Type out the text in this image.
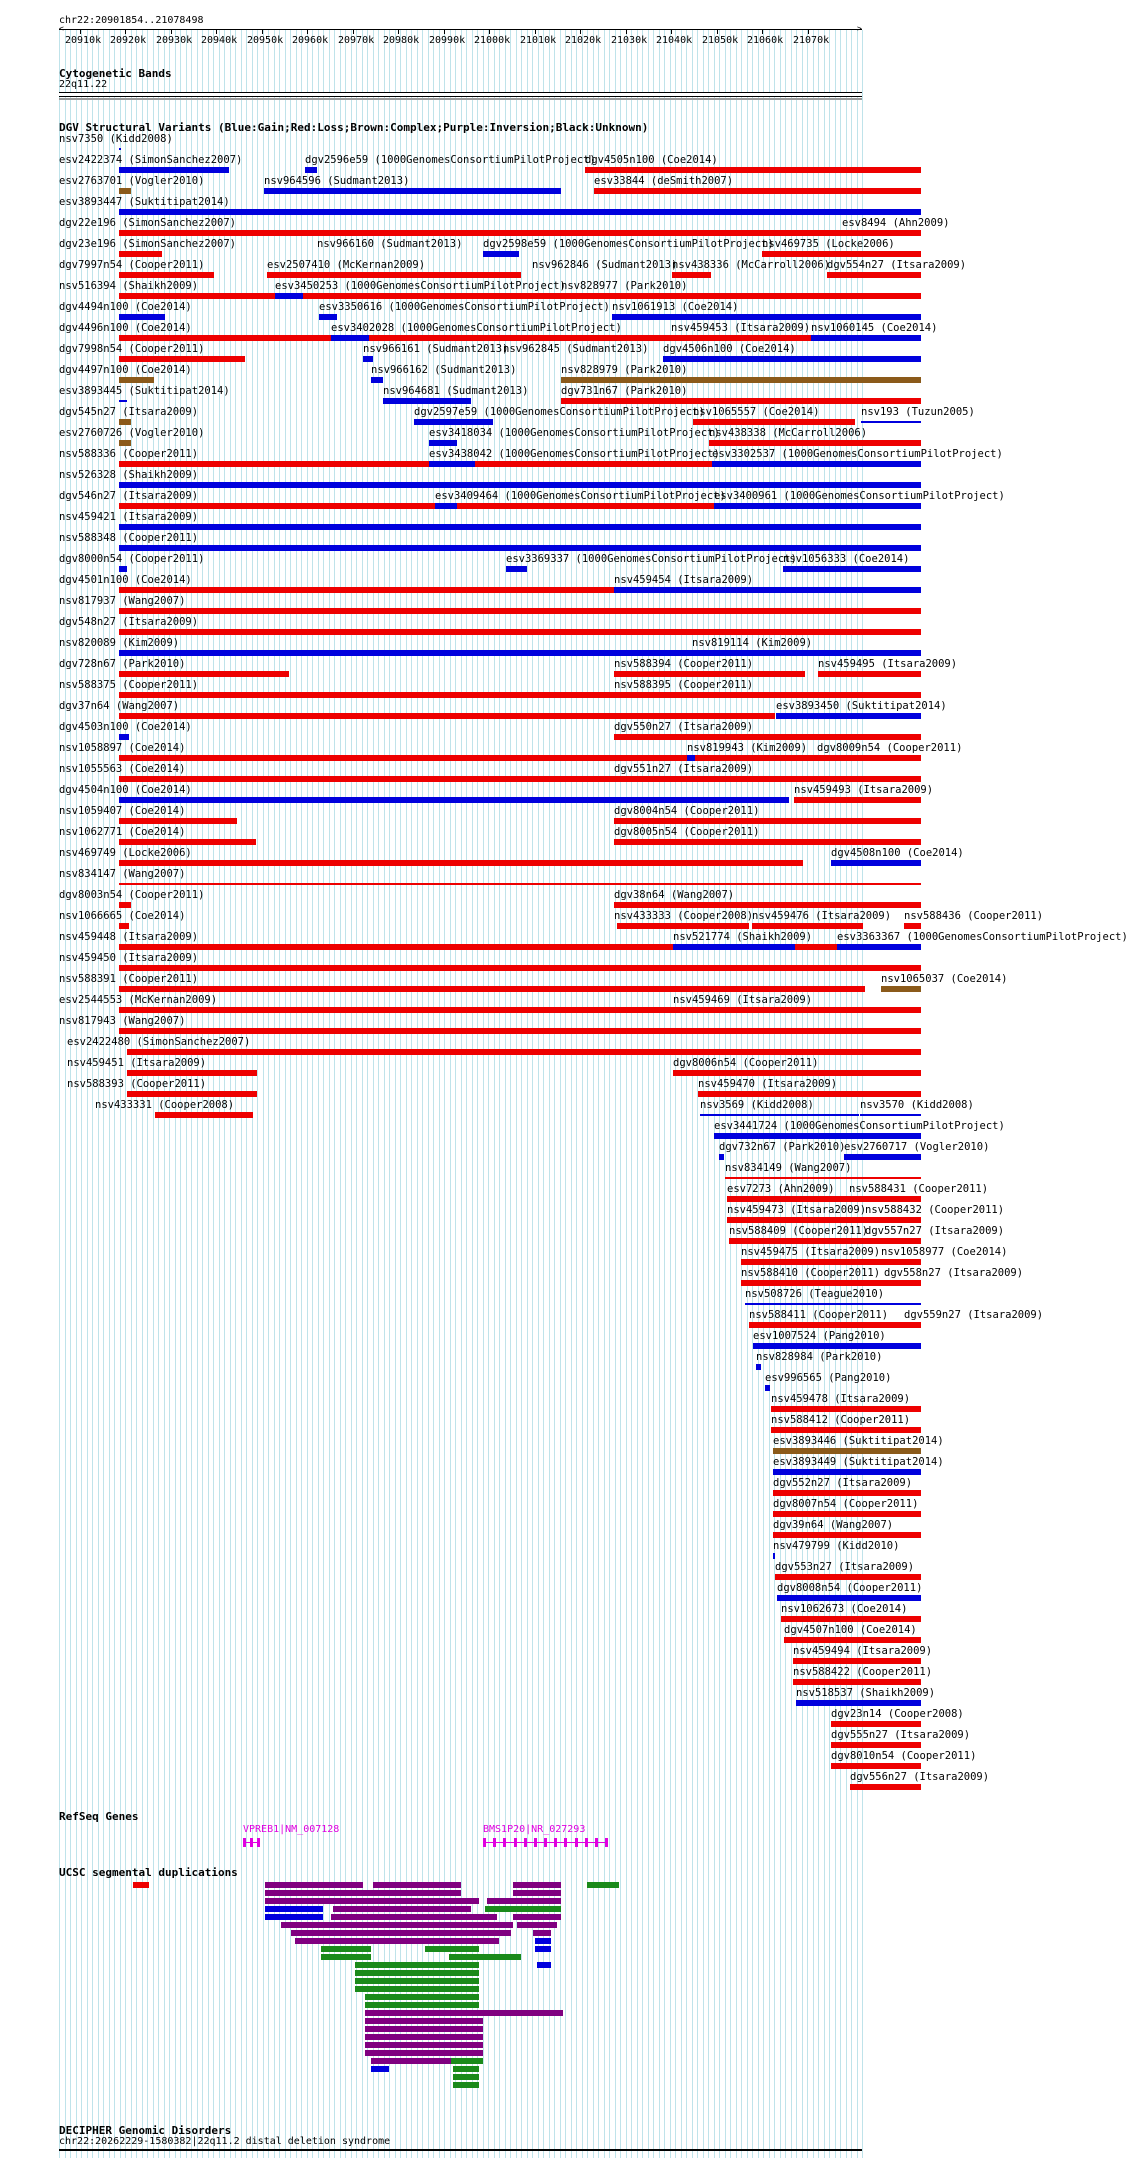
chr22:20901854..21078498
<	>
20910k 20920k 20930k 20940k 20950k 20960k 20970k 20980k 20990k 21000k 21010k 21020k 21030k 21040k 21050k 21060k 21070k
Cytogenetic Bands
22q11.22
DGV Structural Variants (Blue:Gain;Red:Loss;Brown:Complex;Purple:Inversion;Black:Unknown)
nsv7350 (Kidd2008)
esv2422374 (SimonSanchez2007)	dgv2596e59 (1000GenomesConsortiumPilotProject)
dgv4505n100 (Coe2014)
esv2763701 (Vogler2010)	nsv964596 (Sudmant2013)	esv33844 (deSmith2007)
esv3893447 (Suktitipat2014)
dgv22e196 (SimonSanchez2007)	esv8494 (Ahn2009)
dgv23e196 (SimonSanchez2007)	nsv966160 (Sudmant2013) dgv2598e59 (1000GenomesConsortiumPilotProject)
nsv469735 (Locke2006)
dgv7997n54 (Cooper2011)	esv2507410 (McKernan2009)	nsv962846 (Sudmant2013)
nsv438336 (McCarroll2006)
dgv554n27 (Itsara2009)
nsv516394 (Shaikh2009)	esv3450253 (1000GenomesConsortiumPilotProject)
nsv828977 (Park2010)
dgv4494n100 (Coe2014)	esv3350616 (1000GenomesConsortiumPilotProject) nsv1061913 (Coe2014)
dgv4496n100 (Coe2014)	esv3402028 (1000GenomesConsortiumPilotProject)	nsv459453 (Itsara2009) nsv1060145 (Coe2014)
dgv7998n54 (Cooper2011)	nsv966161 (Sudmant2013)
nsv962845 (Sudmant2013) dgv4506n100 (Coe2014)
dgv4497n100 (Coe2014)	nsv966162 (Sudmant2013)	nsv828979 (Park2010)
esv3893445 (Suktitipat2014)	nsv964681 (Sudmant2013)	dgv731n67 (Park2010)
dgv545n27 (Itsara2009)	dgv2597e59 (1000GenomesConsortiumPilotProject)
nsv1065557 (Coe2014)	nsv193 (Tuzun2005)
esv2760726 (Vogler2010)	esv3418034 (1000GenomesConsortiumPilotProject)
nsv438338 (McCarroll2006)
nsv588336 (Cooper2011)	esv3438042 (1000GenomesConsortiumPilotProject)
esv3302537 (1000GenomesConsortiumPilotProject)
nsv526328 (Shaikh2009)
dgv546n27 (Itsara2009)	esv3409464 (1000GenomesConsortiumPilotProject)
esv3400961 (1000GenomesConsortiumPilotProject)
nsv459421 (Itsara2009)
nsv588348 (Cooper2011)
dgv8000n54 (Cooper2011)	esv3369337 (1000GenomesConsortiumPilotProject)
nsv1056333 (Coe2014)
dgv4501n100 (Coe2014)	nsv459454 (Itsara2009)
nsv817937 (Wang2007)
dgv548n27 (Itsara2009)
nsv820089 (Kim2009)	nsv819114 (Kim2009)
dgv728n67 (Park2010)	nsv588394 (Cooper2011)	nsv459495 (Itsara2009)
nsv588375 (Cooper2011)	nsv588395 (Cooper2011)
dgv37n64 (Wang2007)	esv3893450 (Suktitipat2014)
dgv4503n100 (Coe2014)	dgv550n27 (Itsara2009)
nsv1058897 (Coe2014)	nsv819943 (Kim2009) dgv8009n54 (Cooper2011)
nsv1055563 (Coe2014)	dgv551n27 (Itsara2009)
dgv4504n100 (Coe2014)	nsv459493 (Itsara2009)
nsv1059407 (Coe2014)	dgv8004n54 (Cooper2011)
nsv1062771 (Coe2014)	dgv8005n54 (Cooper2011)
nsv469749 (Locke2006)	dgv4508n100 (Coe2014)
nsv834147 (Wang2007)
dgv8003n54 (Cooper2011)	dgv38n64 (Wang2007)
nsv1066665 (Coe2014)	nsv433333 (Cooper2008)
nsv459476 (Itsara2009) nsv588436 (Cooper2011)
nsv459448 (Itsara2009)	nsv521774 (Shaikh2009) esv3363367 (1000GenomesConsortiumPilotProject)
nsv459450 (Itsara2009)
nsv588391 (Cooper2011)	nsv1065037 (Coe2014)
esv2544553 (McKernan2009)	nsv459469 (Itsara2009)
nsv817943 (Wang2007)
esv2422480 (SimonSanchez2007)
nsv459451 (Itsara2009)	dgv8006n54 (Cooper2011)
nsv588393 (Cooper2011)	nsv459470 (Itsara2009)
nsv433331 (Cooper2008)	nsv3569 (Kidd2008)	nsv3570 (Kidd2008)
esv3441724 (1000GenomesConsortiumPilotProject)
dgv732n67 (Park2010)
esv2760717 (Vogler2010)
nsv834149 (Wang2007)
esv7273 (Ahn2009) nsv588431 (Cooper2011)
nsv459473 (Itsara2009)
nsv588432 (Cooper2011)
nsv588409 (Cooper2011)
dgv557n27 (Itsara2009)
nsv459475 (Itsara2009) nsv1058977 (Coe2014)
nsv588410 (Cooper2011) dgv558n27 (Itsara2009)
nsv508726 (Teague2010)
nsv588411 (Cooper2011) dgv559n27 (Itsara2009)
esv1007524 (Pang2010)
nsv828984 (Park2010)
esv996565 (Pang2010)
nsv459478 (Itsara2009)
nsv588412 (Cooper2011)
esv3893446 (Suktitipat2014)
esv3893449 (Suktitipat2014)
dgv552n27 (Itsara2009)
dgv8007n54 (Cooper2011)
dgv39n64 (Wang2007)
nsv479799 (Kidd2010)
dgv553n27 (Itsara2009)
dgv8008n54 (Cooper2011)
nsv1062673 (Coe2014)
dgv4507n100 (Coe2014)
nsv459494 (Itsara2009)
nsv588422 (Cooper2011)
nsv518537 (Shaikh2009)
dgv23n14 (Cooper2008)
dgv555n27 (Itsara2009)
dgv8010n54 (Cooper2011)
dgv556n27 (Itsara2009)
RefSeq Genes
VPREB1|NM_007128	BMS1P20|NR_027293
UCSC segmental duplications
DECIPHER Genomic Disorders
chr22:20262229-1580382|22q11.2 distal deletion syndrome
